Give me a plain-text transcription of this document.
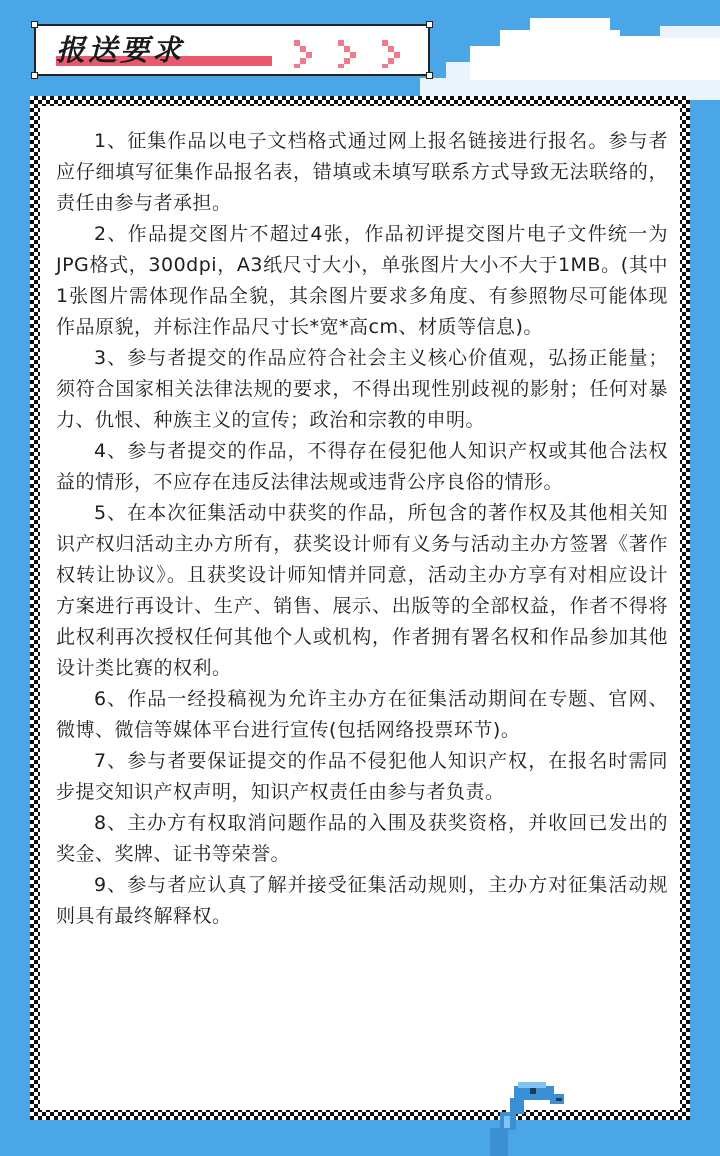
报送要求
1、征集作品以电子文档格式通过网上报名链接进行报名。参与者应仔细填写征集作品报名表，错填或未填写联系方式导致无法联络的，责任由参与者承担。
2、作品提交图片不超过4张，作品初评提交图片电子文件统一为JPG格式，300dpi，A3纸尺寸大小，单张图片大小不大于1MB。(其中1张图片需体现作品全貌，其余图片要求多角度、有参照物尽可能体现作品原貌，并标注作品尺寸长*宽*高cm、材质等信息)。
3、参与者提交的作品应符合社会主义核心价值观，弘扬正能量；须符合国家相关法律法规的要求，不得出现性别歧视的影射；任何对暴力、仇恨、种族主义的宣传；政治和宗教的申明。
4、参与者提交的作品，不得存在侵犯他人知识产权或其他合法权益的情形，不应存在违反法律法规或违背公序良俗的情形。
5、在本次征集活动中获奖的作品，所包含的著作权及其他相关知识产权归活动主办方所有，获奖设计师有义务与活动主办方签署《著作权转让协议》。且获奖设计师知情并同意，活动主办方享有对相应设计方案进行再设计、生产、销售、展示、出版等的全部权益，作者不得将此权利再次授权任何其他个人或机构，作者拥有署名权和作品参加其他设计类比赛的权利。
6、作品一经投稿视为允许主办方在征集活动期间在专题、官网、微博、微信等媒体平台进行宣传(包括网络投票环节)。
7、参与者要保证提交的作品不侵犯他人知识产权，在报名时需同步提交知识产权声明，知识产权责任由参与者负责。
8、主办方有权取消问题作品的入围及获奖资格，并收回已发出的奖金、奖牌、证书等荣誉。
9、参与者应认真了解并接受征集活动规则，主办方对征集活动规则具有最终解释权。
